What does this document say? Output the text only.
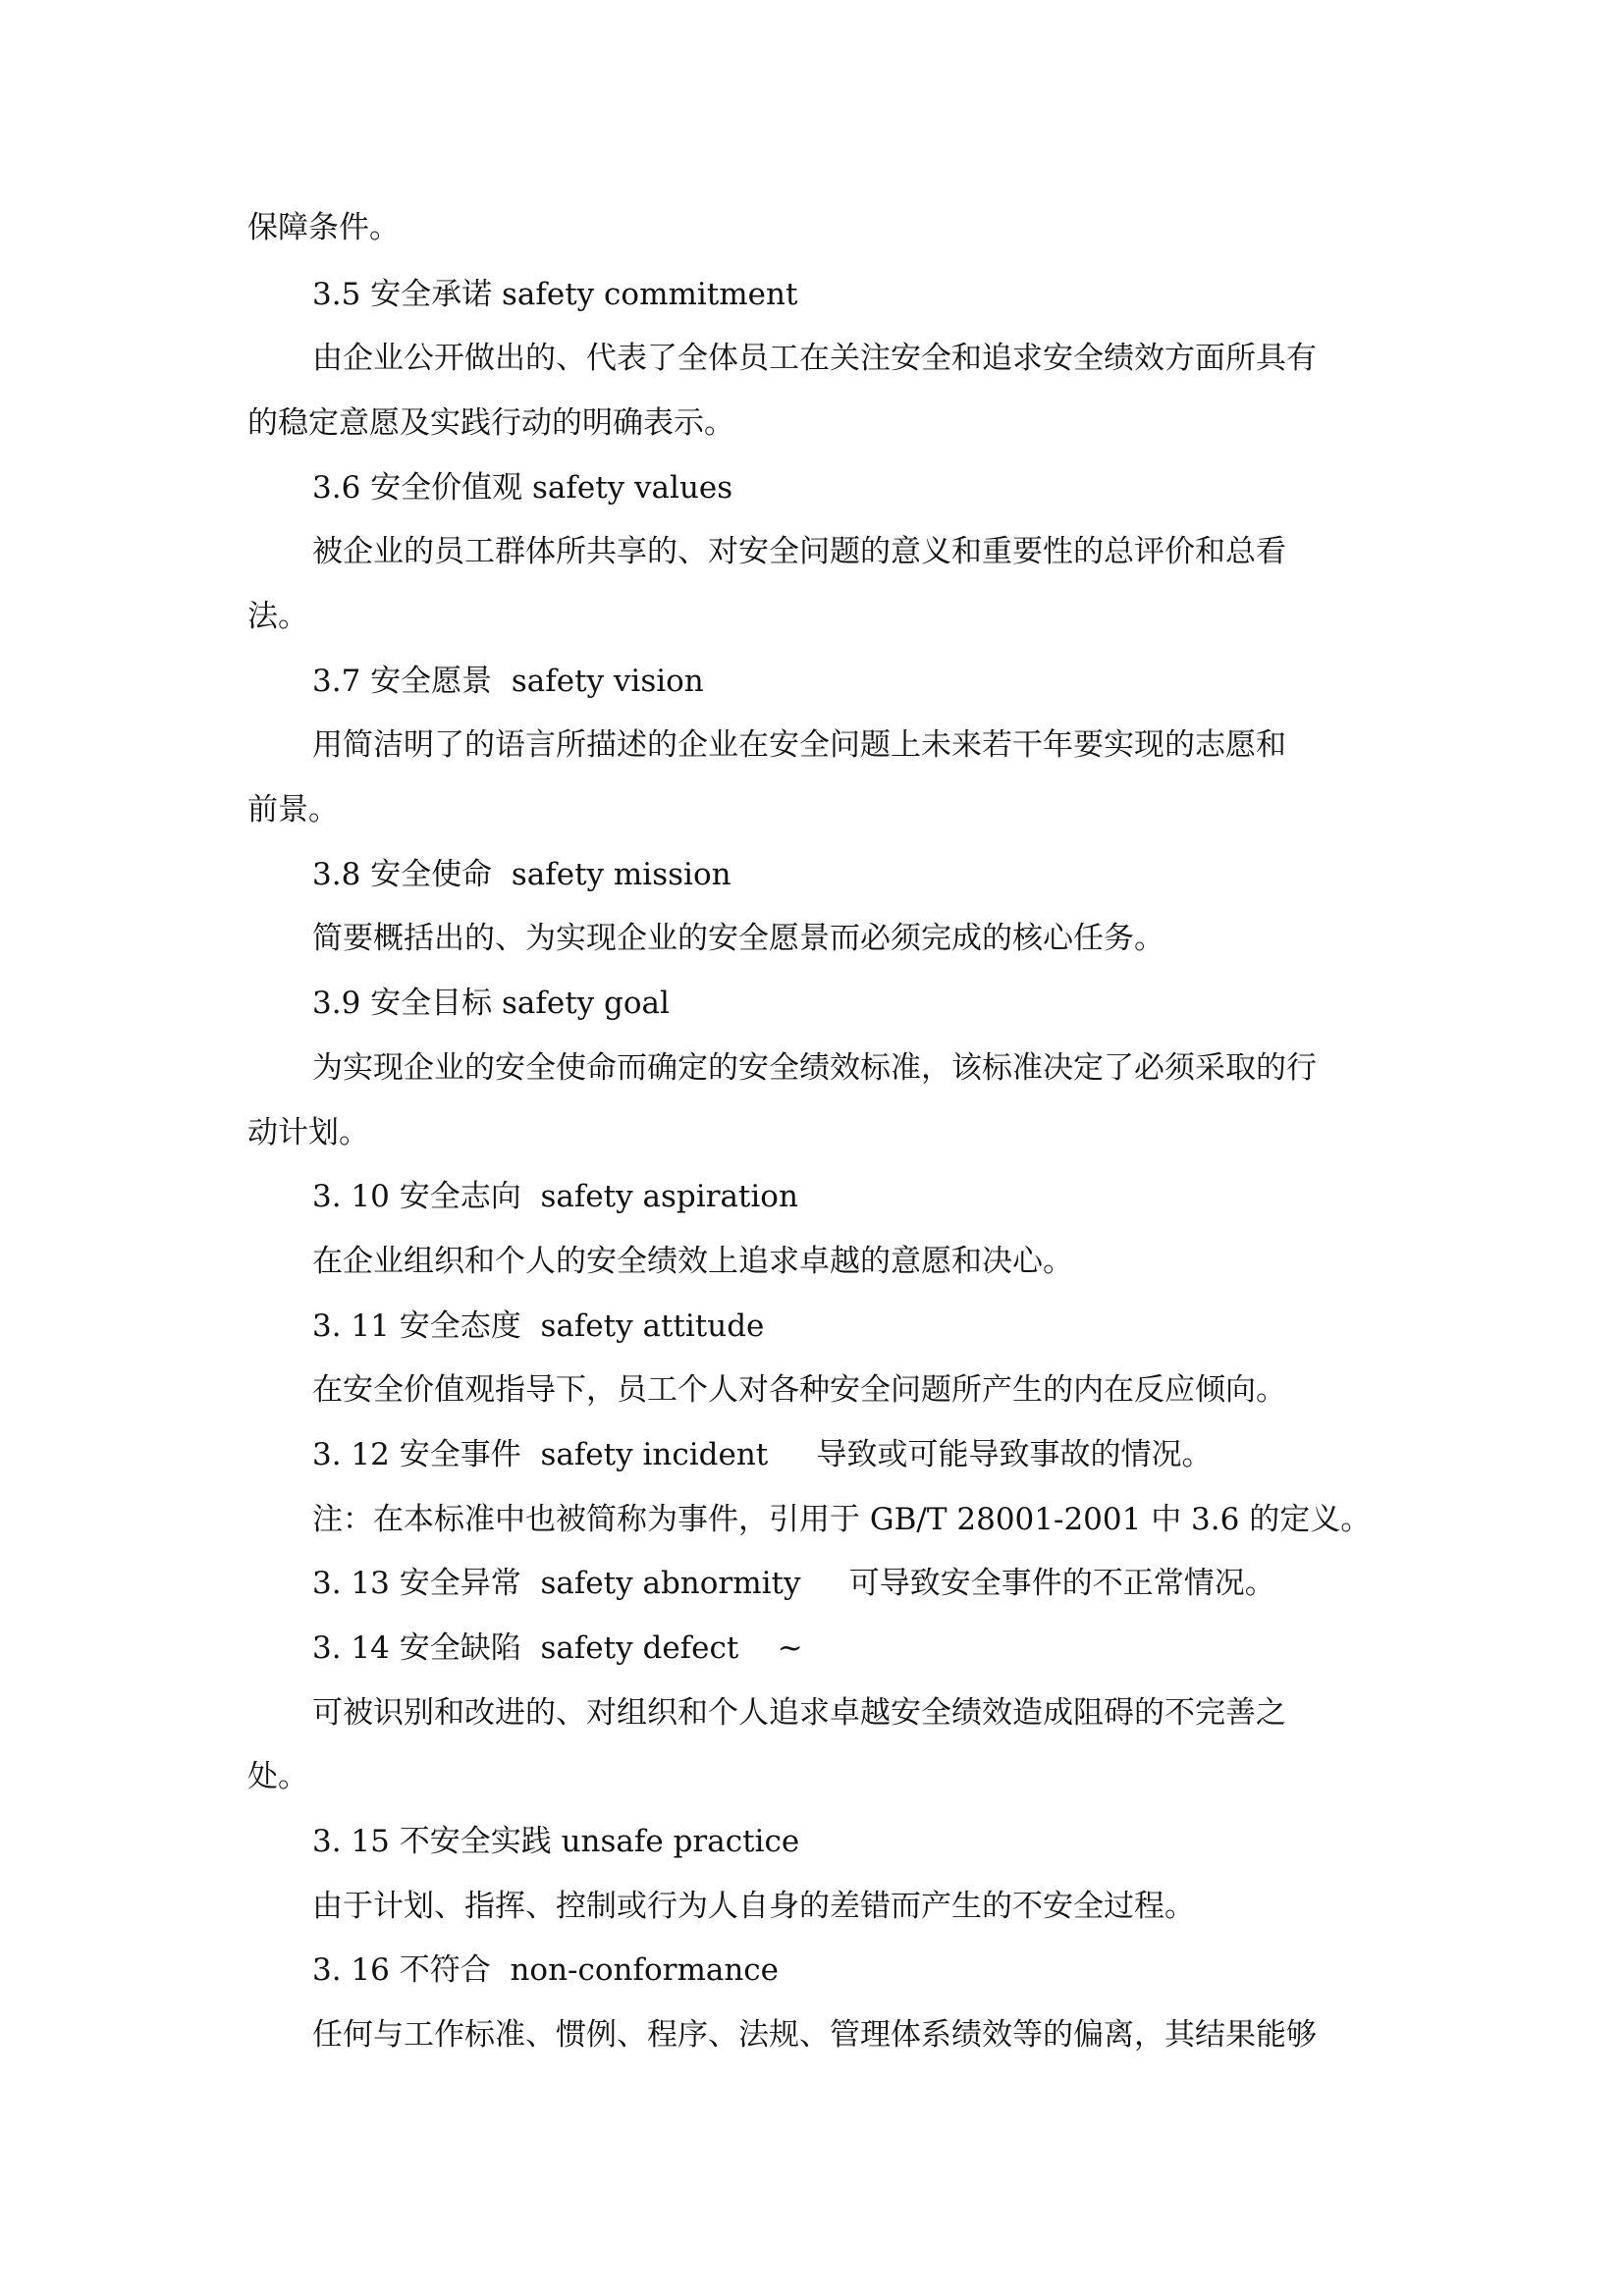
保障条件。

3.5 安全承诺 safety commitment

由企业公开做出的、代表了全体员工在关注安全和追求安全绩效方面所具有

的稳定意愿及实践行动的明确表示。

3.6 安全价值观 safety values

被企业的员工群体所共享的、对安全问题的意义和重要性的总评价和总看

法。

3.7 安全愿景  safety vision

用简洁明了的语言所描述的企业在安全问题上未来若干年要实现的志愿和

前景。

3.8 安全使命  safety mission

简要概括出的、为实现企业的安全愿景而必须完成的核心任务。

3.9 安全目标 safety goal

为实现企业的安全使命而确定的安全绩效标准，该标准决定了必须采取的行

动计划。

3. 10 安全志向  safety aspiration

在企业组织和个人的安全绩效上追求卓越的意愿和决心。

3. 11 安全态度  safety attitude

在安全价值观指导下，员工个人对各种安全问题所产生的内在反应倾向。

3. 12 安全事件  safety incident     导致或可能导致事故的情况。

注：在本标准中也被简称为事件，引用于 GB/T 28001-2001 中 3.6 的定义。

3. 13 安全异常  safety abnormity     可导致安全事件的不正常情况。

3. 14 安全缺陷  safety defect    ~

可被识别和改进的、对组织和个人追求卓越安全绩效造成阻碍的不完善之

处。

3. 15 不安全实践 unsafe practice

由于计划、指挥、控制或行为人自身的差错而产生的不安全过程。

3. 16 不符合  non-conformance

任何与工作标准、惯例、程序、法规、管理体系绩效等的偏离，其结果能够
